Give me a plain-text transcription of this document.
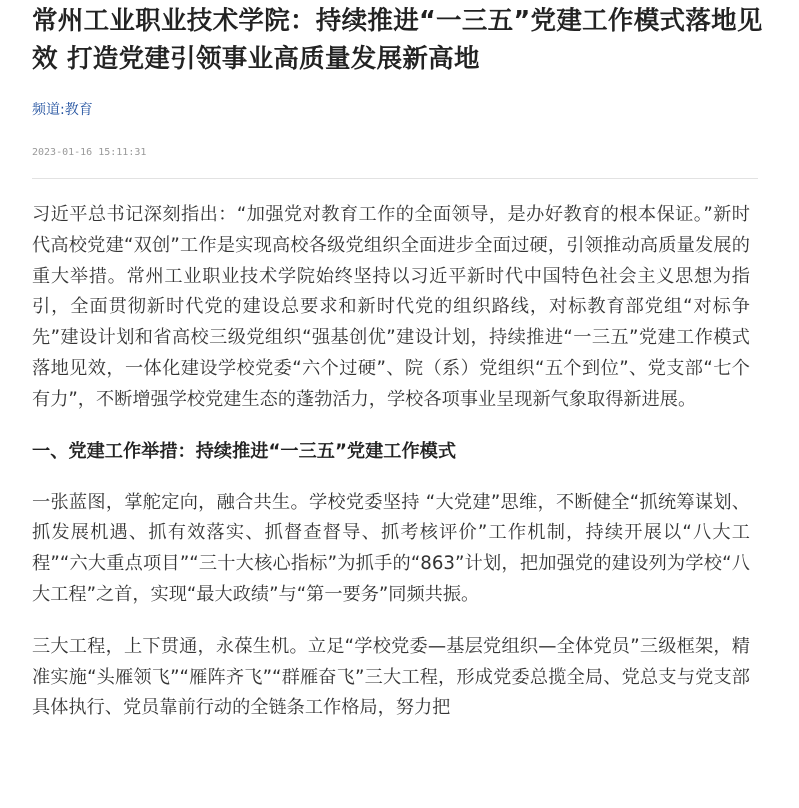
常州工业职业技术学院：持续推进“一三五”党建工作模式落地见效 打造党建引领事业高质量发展新高地
频道:教育
2023-01-16 15:11:31

习近平总书记深刻指出：“加强党对教育工作的全面领导，是办好教育的根本保证。”新时代高校党建“双创”工作是实现高校各级党组织全面进步全面过硬，引领推动高质量发展的重大举措。常州工业职业技术学院始终坚持以习近平新时代中国特色社会主义思想为指引，全面贯彻新时代党的建设总要求和新时代党的组织路线，对标教育部党组“对标争先”建设计划和省高校三级党组织“强基创优”建设计划，持续推进“一三五”党建工作模式落地见效，一体化建设学校党委“六个过硬”、院（系）党组织“五个到位”、党支部“七个有力”，不断增强学校党建生态的蓬勃活力，学校各项事业呈现新气象取得新进展。

一、党建工作举措：持续推进“一三五”党建工作模式

一张蓝图，掌舵定向，融合共生。学校党委坚持 “大党建”思维，不断健全“抓统筹谋划、抓发展机遇、抓有效落实、抓督查督导、抓考核评价”工作机制，持续开展以“八大工程”“六大重点项目”“三十大核心指标”为抓手的“863”计划，把加强党的建设列为学校“八大工程”之首，实现“最大政绩”与“第一要务”同频共振。

三大工程，上下贯通，永葆生机。立足“学校党委—基层党组织—全体党员”三级框架，精准实施“头雁领飞”“雁阵齐飞”“群雁奋飞”三大工程，形成党委总揽全局、党总支与党支部具体执行、党员靠前行动的全链条工作格局，努力把
